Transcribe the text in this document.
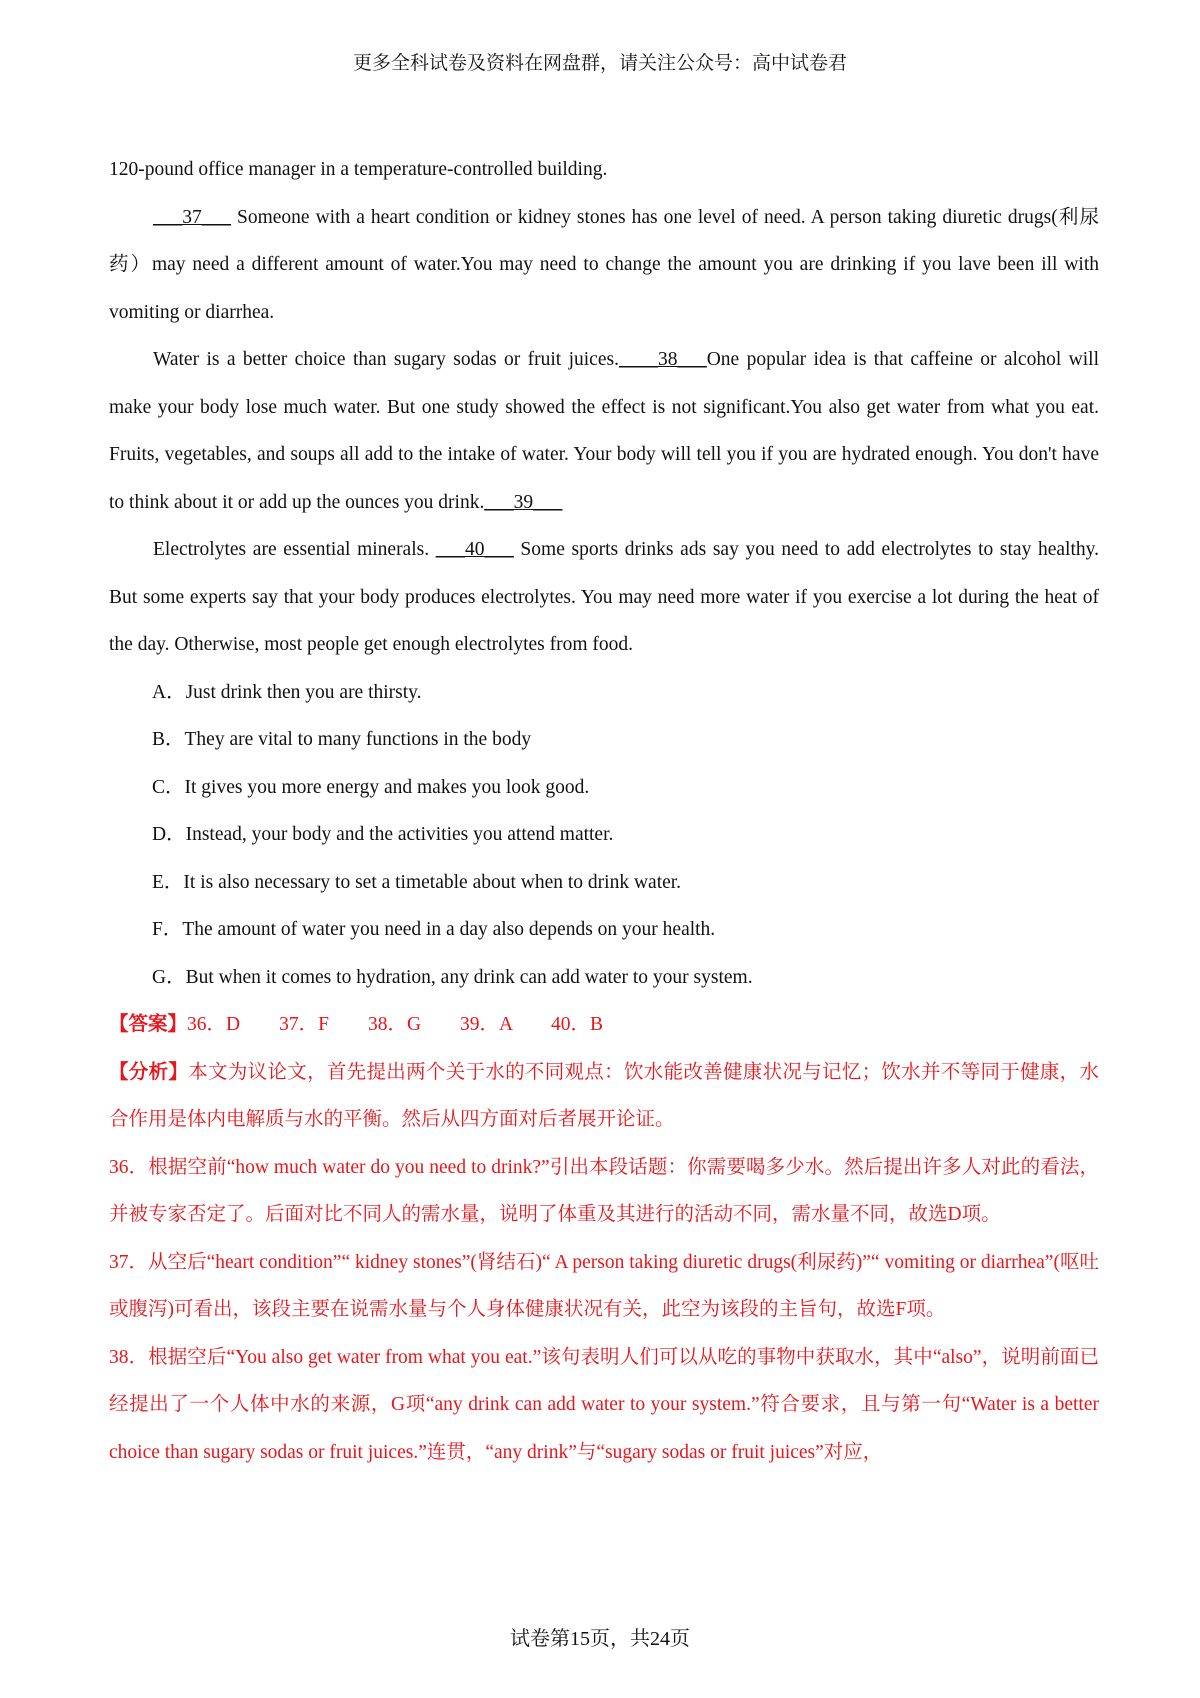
更多全科试卷及资料在网盘群，请关注公众号：高中试卷君

120-pound office manager in a temperature-controlled building.

___37___ Someone with a heart condition or kidney stones has one level of need. A person taking diuretic drugs(利尿药）may need a different amount of water.You may need to change the amount you are drinking if you lave been ill with vomiting or diarrhea.

Water is a better choice than sugary sodas or fruit juices.____38___One popular idea is that caffeine or alcohol will make your body lose much water. But one study showed the effect is not significant.You also get water from what you eat. Fruits, vegetables, and soups all add to the intake of water. Your body will tell you if you are hydrated enough. You don't have to think about it or add up the ounces you drink.___39___

Electrolytes are essential minerals. ___40___ Some sports drinks ads say you need to add electrolytes to stay healthy. But some experts say that your body produces electrolytes. You may need more water if you exercise a lot during the heat of the day. Otherwise, most people get enough electrolytes from food.

A．Just drink then you are thirsty.

B．They are vital to many functions in the body

C．It gives you more energy and makes you look good.

D．Instead, your body and the activities you attend matter.

E．It is also necessary to set a timetable about when to drink water.

F．The amount of water you need in a day also depends on your health.

G．But when it comes to hydration, any drink can add water to your system.

【答案】36．D　　37．F　　38．G　　39．A　　40．B

【分析】本文为议论文，首先提出两个关于水的不同观点：饮水能改善健康状况与记忆；饮水并不等同于健康，水合作用是体内电解质与水的平衡。然后从四方面对后者展开论证。

36．根据空前“how much water do you need to drink?”引出本段话题：你需要喝多少水。然后提出许多人对此的看法，并被专家否定了。后面对比不同人的需水量，说明了体重及其进行的活动不同，需水量不同，故选D项。

37．从空后“heart condition”“ kidney stones”(肾结石)“ A person taking diuretic drugs(利尿药)”“ vomiting or diarrhea”(呕吐或腹泻)可看出，该段主要在说需水量与个人身体健康状况有关，此空为该段的主旨句，故选F项。

38．根据空后“You also get water from what you eat.”该句表明人们可以从吃的事物中获取水，其中“also”，说明前面已经提出了一个人体中水的来源，G项“any drink can add water to your system.”符合要求，且与第一句“Water is a better choice than sugary sodas or fruit juices.”连贯，“any drink”与“sugary sodas or fruit juices”对应，

试卷第15页，共24页
